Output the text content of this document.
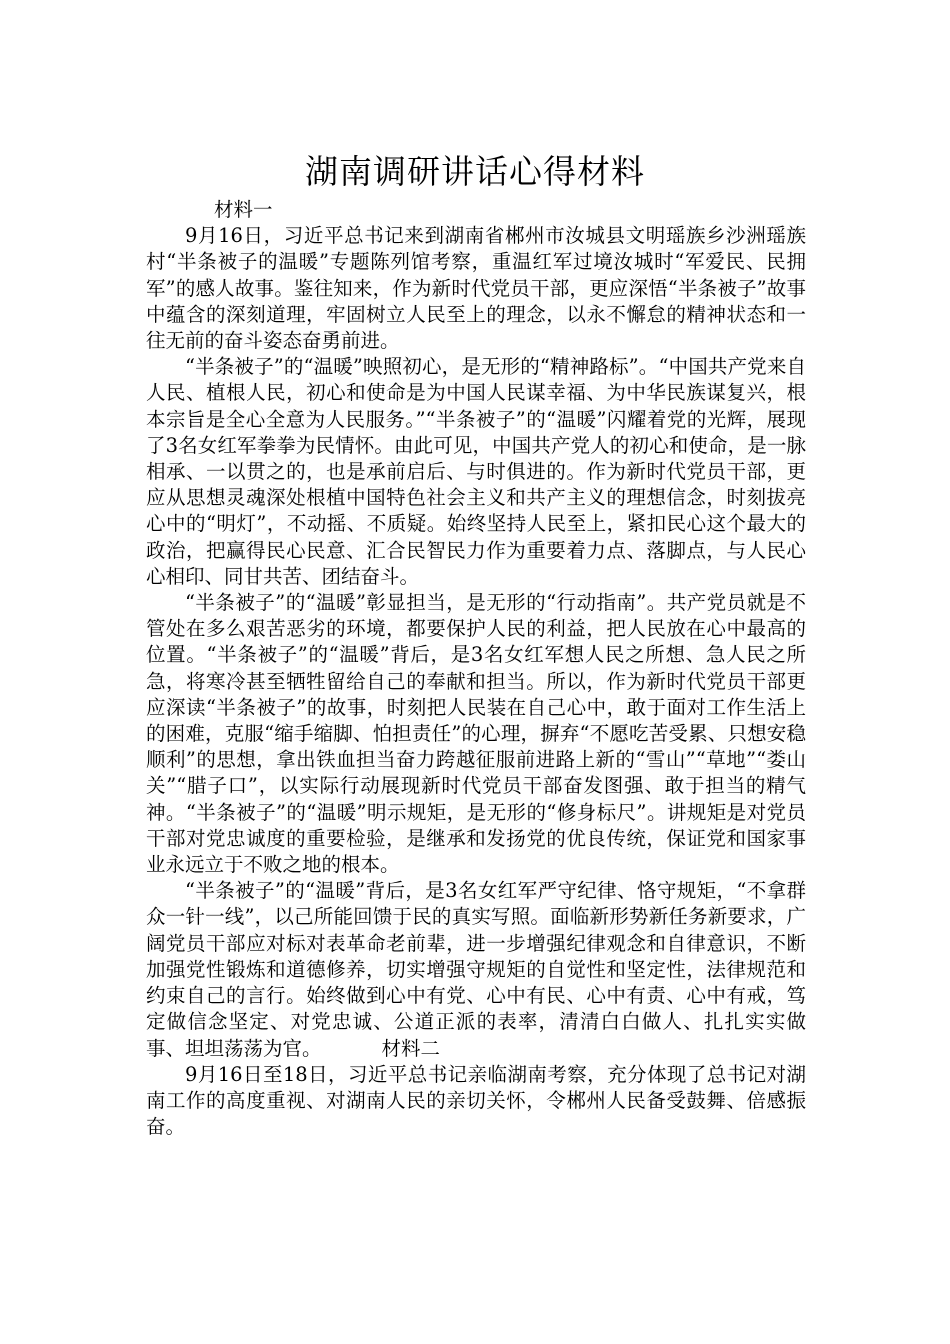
湖南调研讲话心得材料

材料一

9月16日，习近平总书记来到湖南省郴州市汝城县文明瑶族乡沙洲瑶族村“半条被子的温暖”专题陈列馆考察，重温红军过境汝城时“军爱民、民拥军”的感人故事。鉴往知来，作为新时代党员干部，更应深悟“半条被子”故事中蕴含的深刻道理，牢固树立人民至上的理念，以永不懈怠的精神状态和一往无前的奋斗姿态奋勇前进。

“半条被子”的“温暖”映照初心，是无形的“精神路标”。“中国共产党来自人民、植根人民，初心和使命是为中国人民谋幸福、为中华民族谋复兴，根本宗旨是全心全意为人民服务。”“半条被子”的“温暖”闪耀着党的光辉，展现了3名女红军拳拳为民情怀。由此可见，中国共产党人的初心和使命，是一脉相承、一以贯之的，也是承前启后、与时俱进的。作为新时代党员干部，更应从思想灵魂深处根植中国特色社会主义和共产主义的理想信念，时刻拔亮心中的“明灯”，不动摇、不质疑。始终坚持人民至上，紧扣民心这个最大的政治，把赢得民心民意、汇合民智民力作为重要着力点、落脚点，与人民心心相印、同甘共苦、团结奋斗。

“半条被子”的“温暖”彰显担当，是无形的“行动指南”。共产党员就是不管处在多么艰苦恶劣的环境，都要保护人民的利益，把人民放在心中最高的位置。“半条被子”的“温暖”背后，是3名女红军想人民之所想、急人民之所急，将寒冷甚至牺牲留给自己的奉献和担当。所以，作为新时代党员干部更应深读“半条被子”的故事，时刻把人民装在自己心中，敢于面对工作生活上的困难，克服“缩手缩脚、怕担责任”的心理，摒弃“不愿吃苦受累、只想安稳顺利”的思想，拿出铁血担当奋力跨越征服前进路上新的“雪山”“草地”“娄山关”“腊子口”，以实际行动展现新时代党员干部奋发图强、敢于担当的精气神。“半条被子”的“温暖”明示规矩，是无形的“修身标尺”。讲规矩是对党员干部对党忠诚度的重要检验，是继承和发扬党的优良传统，保证党和国家事业永远立于不败之地的根本。

“半条被子”的“温暖”背后，是3名女红军严守纪律、恪守规矩，“不拿群众一针一线”，以己所能回馈于民的真实写照。面临新形势新任务新要求，广阔党员干部应对标对表革命老前辈，进一步增强纪律观念和自律意识，不断加强党性锻炼和道德修养，切实增强守规矩的自觉性和坚定性，法律规范和约束自己的言行。始终做到心中有党、心中有民、心中有责、心中有戒，笃定做信念坚定、对党忠诚、公道正派的表率，清清白白做人、扎扎实实做事、坦坦荡荡为官。	材料二

9月16日至18日，习近平总书记亲临湖南考察，充分体现了总书记对湖南工作的高度重视、对湖南人民的亲切关怀，令郴州人民备受鼓舞、倍感振奋。
